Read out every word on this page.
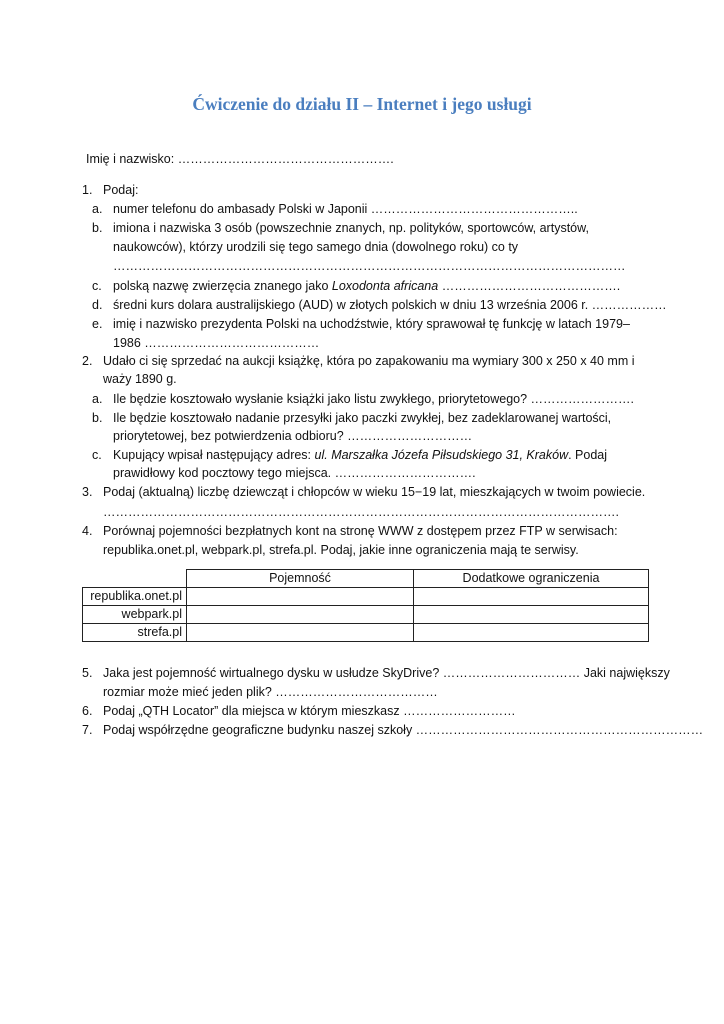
Ćwiczenie do działu II – Internet i jego usługi
Imię i nazwisko: …………………………………………….
1. Podaj:
a. numer telefonu do ambasady Polski w Japonii …………………………………………..
b. imiona i nazwiska 3 osób (powszechnie znanych, np. polityków, sportowców, artystów,
naukowców), którzy urodzili się tego samego dnia (dowolnego roku) co ty
……………………………………………………………………………………………………………
c. polską nazwę zwierzęcia znanego jako Loxodonta africana …………………………………….
d. średni kurs dolara australijskiego (AUD) w złotych polskich w dniu 13 września 2006 r. ………………
e. imię i nazwisko prezydenta Polski na uchodźstwie, który sprawował tę funkcję w latach 1979–
1986 ……………………………………
2. Udało ci się sprzedać na aukcji książkę, która po zapakowaniu ma wymiary 300 x 250 x 40 mm i
waży 1890 g.
a. Ile będzie kosztowało wysłanie książki jako listu zwykłego, priorytetowego? …………………….
b. Ile będzie kosztowało nadanie przesyłki jako paczki zwykłej, bez zadeklarowanej wartości,
priorytetowej, bez potwierdzenia odbioru? …………………………
c. Kupujący wpisał następujący adres: ul. Marszałka Józefa Piłsudskiego 31, Kraków. Podaj
prawidłowy kod pocztowy tego miejsca. …………………………….
3. Podaj (aktualną) liczbę dziewcząt i chłopców w wieku 15−19 lat, mieszkających w twoim powiecie.
…………………………………………………………………………………………………………….
4. Porównaj pojemności bezpłatnych kont na stronę WWW z dostępem przez FTP w serwisach:
republika.onet.pl, webpark.pl, strefa.pl. Podaj, jakie inne ograniczenia mają te serwisy.
	Pojemność	Dodatkowe ograniczenia
republika.onet.pl		
webpark.pl		
strefa.pl		
5. Jaka jest pojemność wirtualnego dysku w usłudze SkyDrive? …………………………… Jaki największy
rozmiar może mieć jeden plik? …………………………………
6. Podaj „QTH Locator” dla miejsca w którym mieszkasz ………………………
7. Podaj współrzędne geograficzne budynku naszej szkoły ……………………………………………………………
